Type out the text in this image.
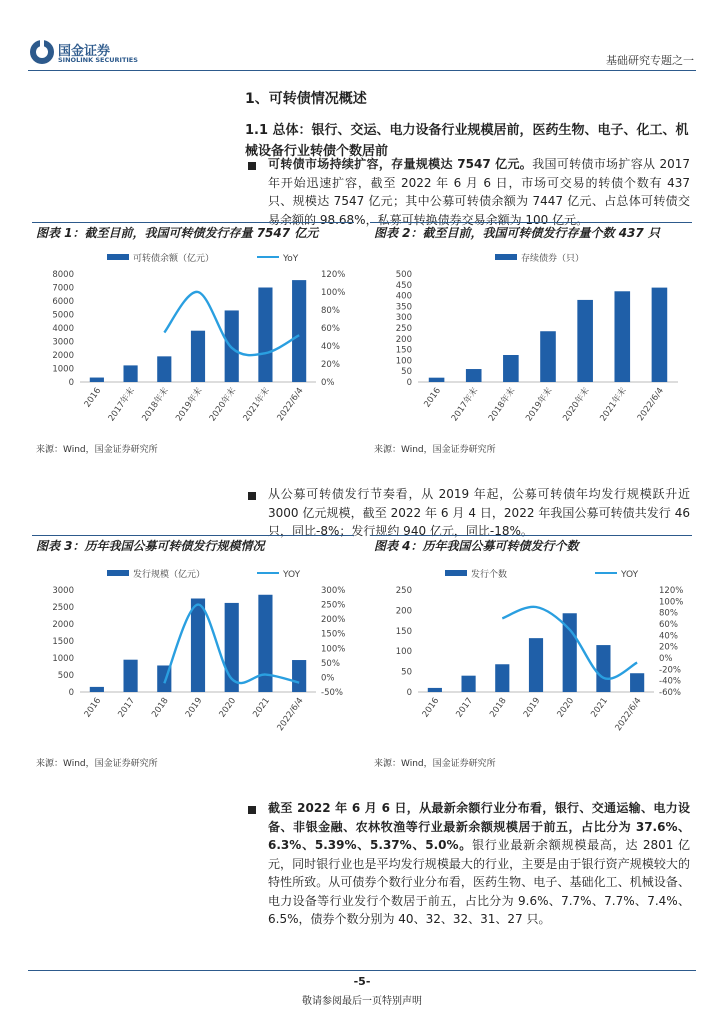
国金证券
SINOLINK SECURITIES	基础研究专题之一
1、可转债情况概述
1.1 总体：银行、交运、电力设备行业规模居前，医药生物、电子、化工、机械设备行业转债个数居前
可转债市场持续扩容，存量规模达 7547 亿元。我国可转债市场扩容从 2017 年开始迅速扩容，截至 2022 年 6 月 6 日，市场可交易的转债个数有 437 只、规模达 7547 亿元；其中公募可转债余额为 7447 亿元、占总体可转债交易余额的 98.68%，私募可转换债券交易余额为 100 亿元。
图表 1：截至目前，我国可转债发行存量 7547 亿元	图表 2：截至目前，我国可转债发行存量个数 437 只
可转债余额（亿元）	YoY
0
1000
2000
3000
4000
5000
6000
7000
8000
0%
20%
40%
60%
80%
100%
120%
2016 2017年末 2018年末 2019年末 2020年末 2021年末 2022/6/4
存续债券（只）
0
50
100
150
200
250
300
350
400
450
500
2016 2017年末 2018年末 2019年末 2020年末 2021年末 2022/6/4
来源：Wind，国金证券研究所	来源：Wind，国金证券研究所
从公募可转债发行节奏看，从 2019 年起，公募可转债年均发行规模跃升近 3000 亿元规模，截至 2022 年 6 月 4 日，2022 年我国公募可转债共发行 46 只，同比-8%；发行规约 940 亿元，同比-18%。
图表 3：历年我国公募可转债发行规模情况	图表 4：历年我国公募可转债发行个数
发行规模（亿元）	YOY
0
500
1000
1500
2000
2500
3000
-50%
0%
50%
100%
150%
200%
250%
300%
2016 2017 2018 2019 2020 2021 2022/6/4
发行个数	YOY
0
50
100
150
200
250
-60%
-40%
-20%
0%
20%
40%
60%
80%
100%
120%
2016 2017 2018 2019 2020 2021 2022/6/4
来源：Wind，国金证券研究所	来源：Wind，国金证券研究所
截至 2022 年 6 月 6 日，从最新余额行业分布看，银行、交通运输、电力设备、非银金融、农林牧渔等行业最新余额规模居于前五，占比分为 37.6%、6.3%、5.39%、5.37%、5.0%。银行业最新余额规模最高，达 2801 亿元，同时银行业也是平均发行规模最大的行业，主要是由于银行资产规模较大的特性所致。从可债券个数行业分布看，医药生物、电子、基础化工、机械设备、电力设备等行业发行个数居于前五，占比分为 9.6%、7.7%、7.7%、7.4%、6.5%，债券个数分别为 40、32、32、31、27 只。
-5-
敬请参阅最后一页特别声明
